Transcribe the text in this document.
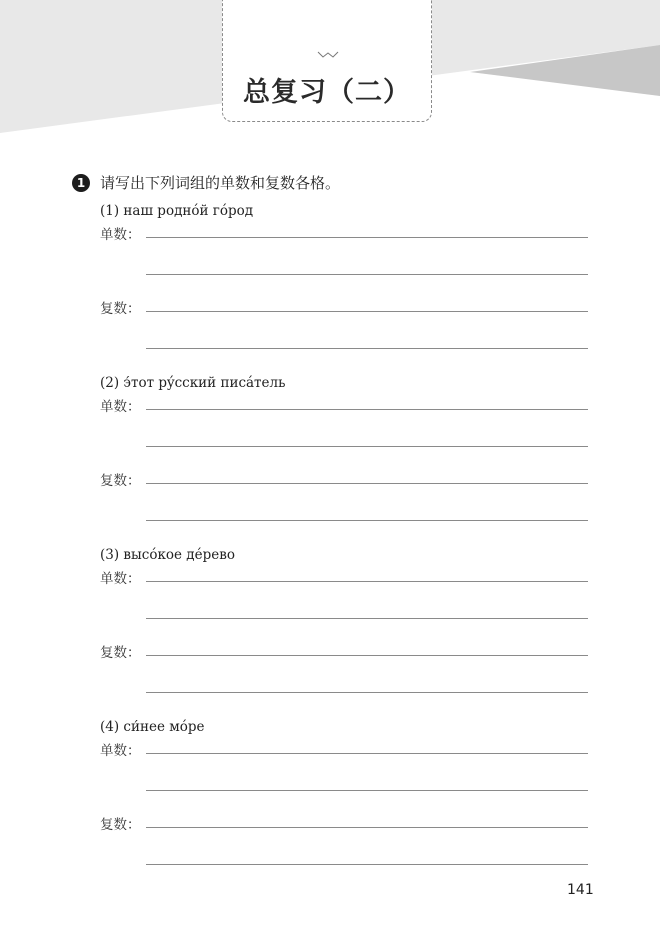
总复习（二）
1 请写出下列词组的单数和复数各格。
(1) наш роднóй гóрод
单数：
复数：
(2) э́тот рýсский писáтель
单数：
复数：
(3) высóкое дéрево
单数：
复数：
(4) си́нее мóре
单数：
复数：
141
